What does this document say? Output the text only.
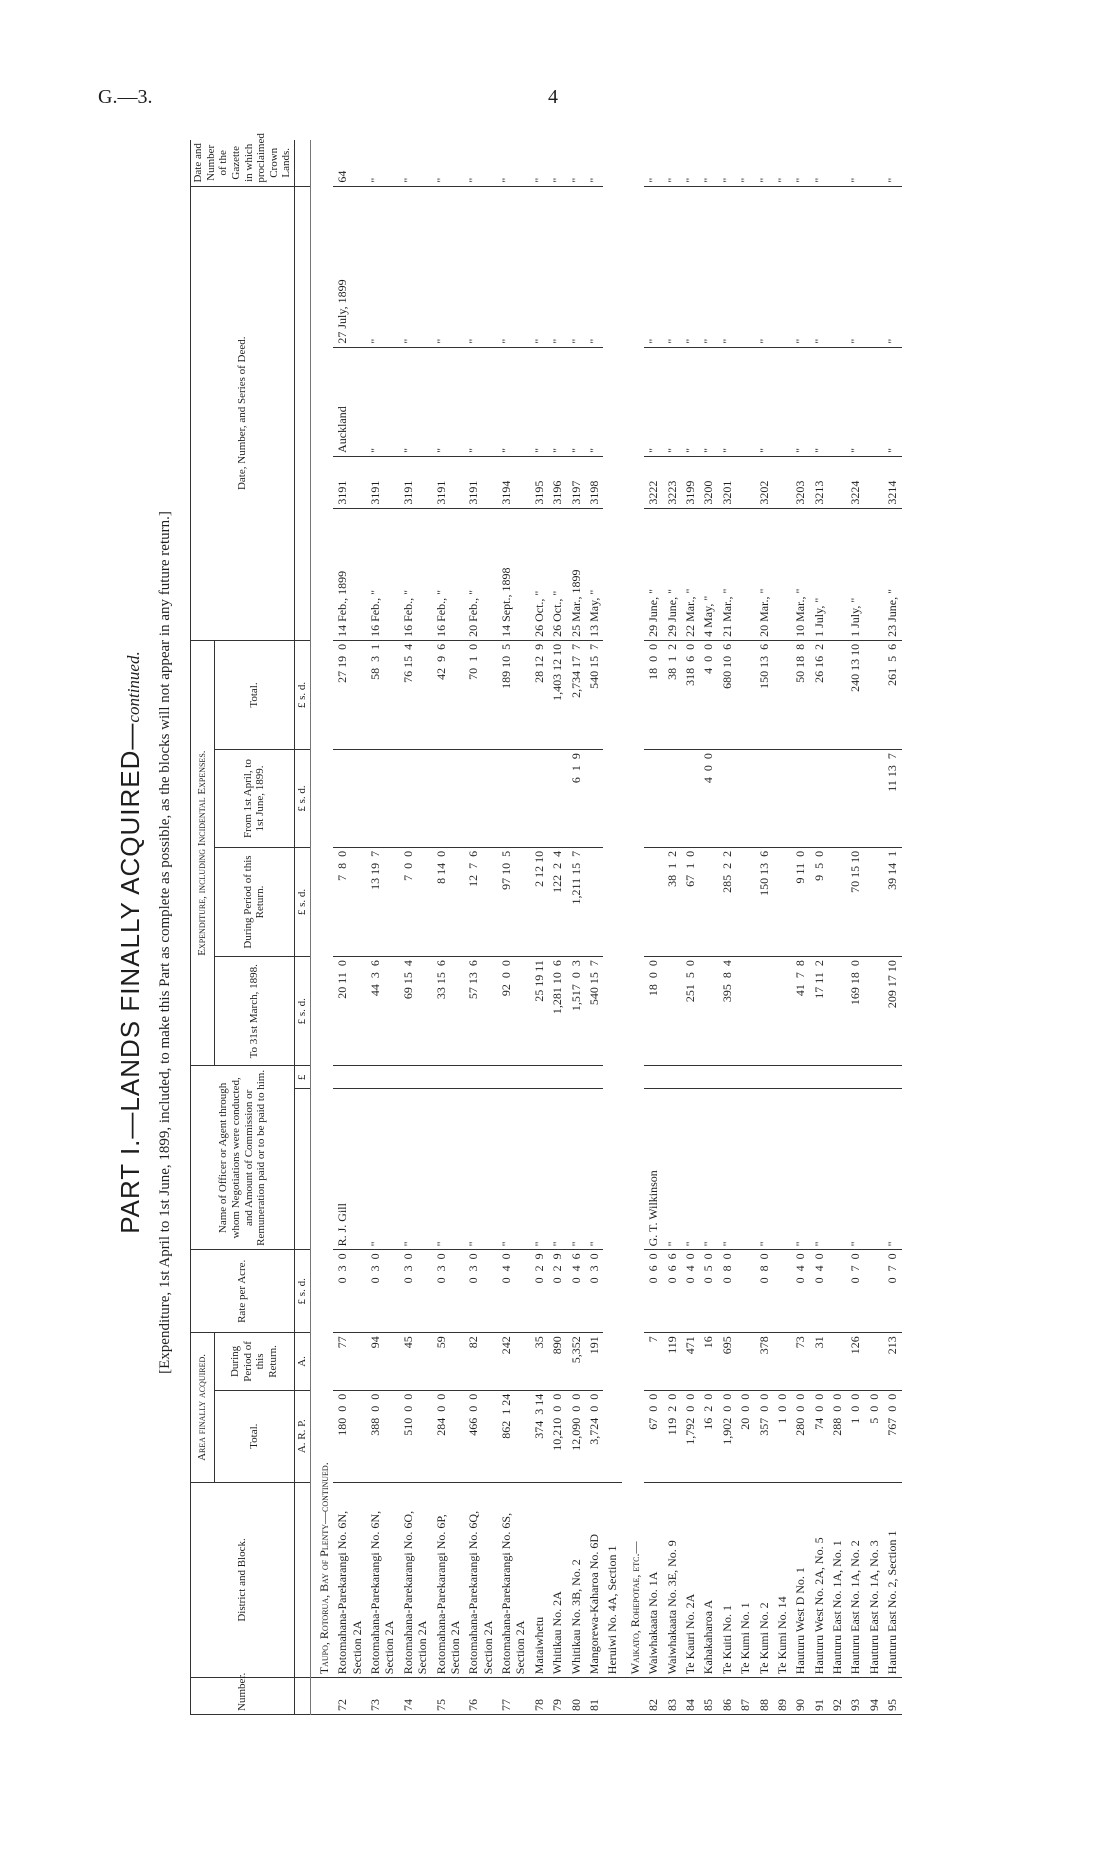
G.—3.	4
PART I.—LANDS FINALLY ACQUIRED—continued. [Expenditure, 1st April to 1st June, 1899, included, to make this Part as complete as possible, as the blocks will not appear in any future return.]
Number.	District and Block.	Area finally acquired.		Rate per Acre.	Name of Officer or Agent through whom Negotiations were conducted, and Amount of Commission or Remuneration paid or to be paid to him.		Expenditure, including Incidental Expenses.				Date, Number, and Series of Deed.				Date and Number of the Gazette in which proclaimed Crown Lands.
		Total.	During Period of this Return.				To 31st March, 1898.	During Period of this Return.	From 1st April, to 1st June, 1899.	Total.					
		A. R. P.	A.	£ s. d.		£	£ s. d.	£ s. d.	£ s. d.	£ s. d.					
	Taupo, Rotorua, Bay of Plenty—continued.														
72	Rotomahana-Parekarangi No. 6N, Section 2A	180  0  0	77	0  3  0	R. J. Gill		20 11  0	7  8  0		27 19  0	14 Feb., 1899	3191	Auckland	27 July, 1899	64
73	Rotomahana-Parekarangi No. 6N, Section 2A	388  0  0	94	0  3  0	"		44  3  6	13 19  7		58  3  1	16 Feb., "	3191	"	"	"
74	Rotomahana-Parekarangi No. 6O, Section 2A	510  0  0	45	0  3  0	"		69 15  4	7  0  0		76 15  4	16 Feb., "	3191	"	"	"
75	Rotomahana-Parekarangi No. 6P, Section 2A	284  0  0	59	0  3  0	"		33 15  6	8 14  0		42  9  6	16 Feb., "	3191	"	"	"
76	Rotomahana-Parekarangi No. 6Q, Section 2A	466  0  0	82	0  3  0	"		57 13  6	12  7  6		70  1  0	20 Feb., "	3191	"	"	"
77	Rotomahana-Parekarangi No. 6S, Section 2A	862  1 24	242	0  4  0	"		92  0  0	97 10  5		189 10  5	14 Sept., 1898	3194	"	"	"
78	Mataiwhetu	374  3 14	35	0  2  9	"		25 19 11	2 12 10		28 12  9	26 Oct., "	3195	"	"	"
79	Whitikau No. 2A	10,210  0  0	890	0  2  9	"		1,281 10  6	122  2  4		1,403 12 10	26 Oct., "	3196	"	"	"
80	Whitikau No. 3B, No. 2	12,090  0  0	5,352	0  4  6	"		1,517  0  3	1,211 15  7	6  1  9	2,734 17  7	25 Mar., 1899	3197	"	"	"
81	Mangorewa-Kaharoa No. 6D	3,724  0  0	191	0  3  0	"		540 15  7			540 15  7	13 May, "	3198	"	"	"
	Heruiwi No. 4A, Section 1														
	Waikato, Rohepotae, etc.—														
82	Waiwhakaata No. 1A	67  0  0	7	0  6  0	G. T. Wilkinson		18  0  0			18  0  0	29 June, "	3222	"	"	"
83	Waiwhakaata No. 3E, No. 9	119  2  0	119	0  6  6	"			38  1  2		38  1  2	29 June, "	3223	"	"	"
84	Te Kauri No. 2A	1,792  0  0	471	0  4  0	"		251  5  0	67  1  0		318  6  0	22 Mar., "	3199	"	"	"
85	Kahakaharoa A	16  2  0	16	0  5  0	"				4  0  0	4  0  0	4 May, "	3200	"	"	"
86	Te Kuiti No. 1	1,902  0  0	695	0  8  0	"		395  8  4	285  2  2		680 10  6	21 Mar., "	3201	"	"	"
87	Te Kumi No. 1	20  0  0													"
88	Te Kumi No. 2	357  0  0	378	0  8  0	"			150 13  6		150 13  6	20 Mar., "	3202	"	"	"
89	Te Kumi No. 14	1  0  0													"
90	Hauturu West D No. 1	280  0  0	73	0  4  0	"		41  7  8	9 11  0		50 18  8	10 Mar., "	3203	"	"	"
91	Hauturu West No. 2A, No. 5	74  0  0	31	0  4  0	"		17 11  2	9  5  0		26 16  2	1 July, "	3213	"	"	"
92	Hauturu East No. 1A, No. 1	288  0  0													
93	Hauturu East No. 1A, No. 2	1  0  0	126	0  7  0	"		169 18  0	70 15 10		240 13 10	1 July, "	3224	"	"	"
94	Hauturu East No. 1A, No. 3	5  0  0													
95	Hauturu East No. 2, Section 1	767  0  0	213	0  7  0	"		209 17 10	39 14  1	11 13  7	261  5  6	23 June, "	3214	"	"	"
